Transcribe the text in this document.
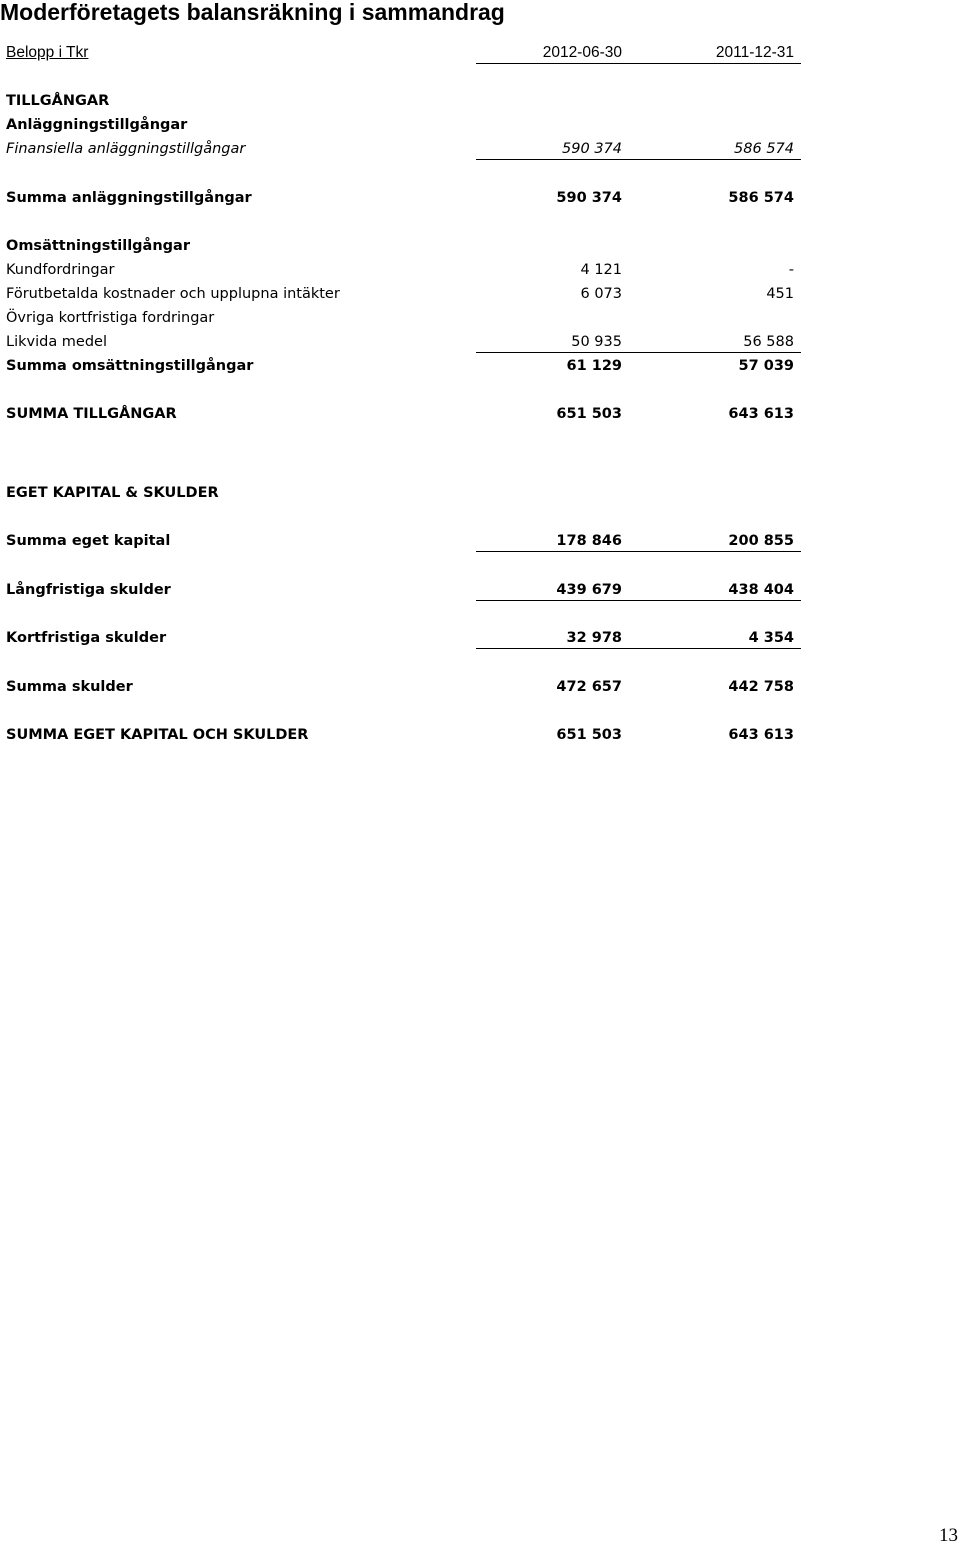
Moderföretagets balansräkning i sammandrag
Belopp i Tkr	2012-06-30	2011-12-31
TILLGÅNGAR
Anläggningstillgångar
Finansiella anläggningstillgångar	590 374	586 574
Summa anläggningstillgångar	590 374	586 574
Omsättningstillgångar
Kundfordringar	4 121	-
Förutbetalda kostnader och upplupna intäkter	6 073	451
Övriga kortfristiga fordringar
Likvida medel	50 935	56 588
Summa omsättningstillgångar	61 129	57 039
SUMMA TILLGÅNGAR	651 503	643 613
EGET KAPITAL & SKULDER
Summa eget kapital	178 846	200 855
Långfristiga skulder	439 679	438 404
Kortfristiga skulder	32 978	4 354
Summa skulder	472 657	442 758
SUMMA EGET KAPITAL OCH SKULDER	651 503	643 613
13
